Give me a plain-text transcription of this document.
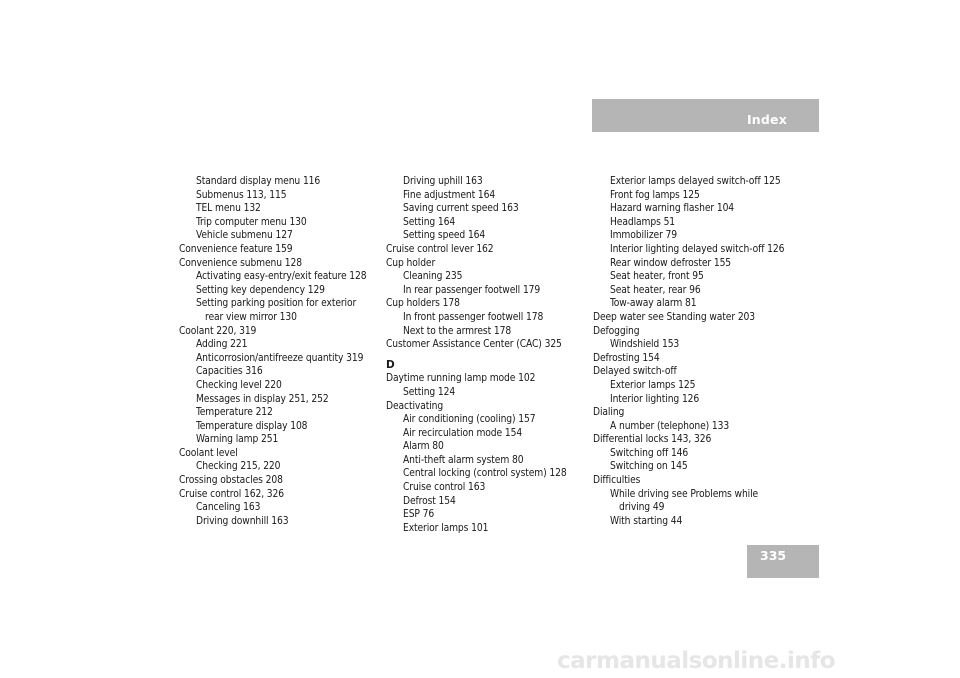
Index
Standard display menu 116
Submenus 113, 115
TEL menu 132
Trip computer menu 130
Vehicle submenu 127
Convenience feature 159
Convenience submenu 128
Activating easy-entry/exit feature 128
Setting key dependency 129
Setting parking position for exterior
rear view mirror 130
Coolant 220, 319
Adding 221
Anticorrosion/antifreeze quantity 319
Capacities 316
Checking level 220
Messages in display 251, 252
Temperature 212
Temperature display 108
Warning lamp 251
Coolant level
Checking 215, 220
Crossing obstacles 208
Cruise control 162, 326
Canceling 163
Driving downhill 163
Driving uphill 163
Fine adjustment 164
Saving current speed 163
Setting 164
Setting speed 164
Cruise control lever 162
Cup holder
Cleaning 235
In rear passenger footwell 179
Cup holders 178
In front passenger footwell 178
Next to the armrest 178
Customer Assistance Center (CAC) 325
D
Daytime running lamp mode 102
Setting 124
Deactivating
Air conditioning (cooling) 157
Air recirculation mode 154
Alarm 80
Anti-theft alarm system 80
Central locking (control system) 128
Cruise control 163
Defrost 154
ESP 76
Exterior lamps 101
Exterior lamps delayed switch-off 125
Front fog lamps 125
Hazard warning flasher 104
Headlamps 51
Immobilizer 79
Interior lighting delayed switch-off 126
Rear window defroster 155
Seat heater, front 95
Seat heater, rear 96
Tow-away alarm 81
Deep water see Standing water 203
Defogging
Windshield 153
Defrosting 154
Delayed switch-off
Exterior lamps 125
Interior lighting 126
Dialing
A number (telephone) 133
Differential locks 143, 326
Switching off 146
Switching on 145
Difficulties
While driving see Problems while
driving 49
With starting 44
335
carmanualsonline.info
